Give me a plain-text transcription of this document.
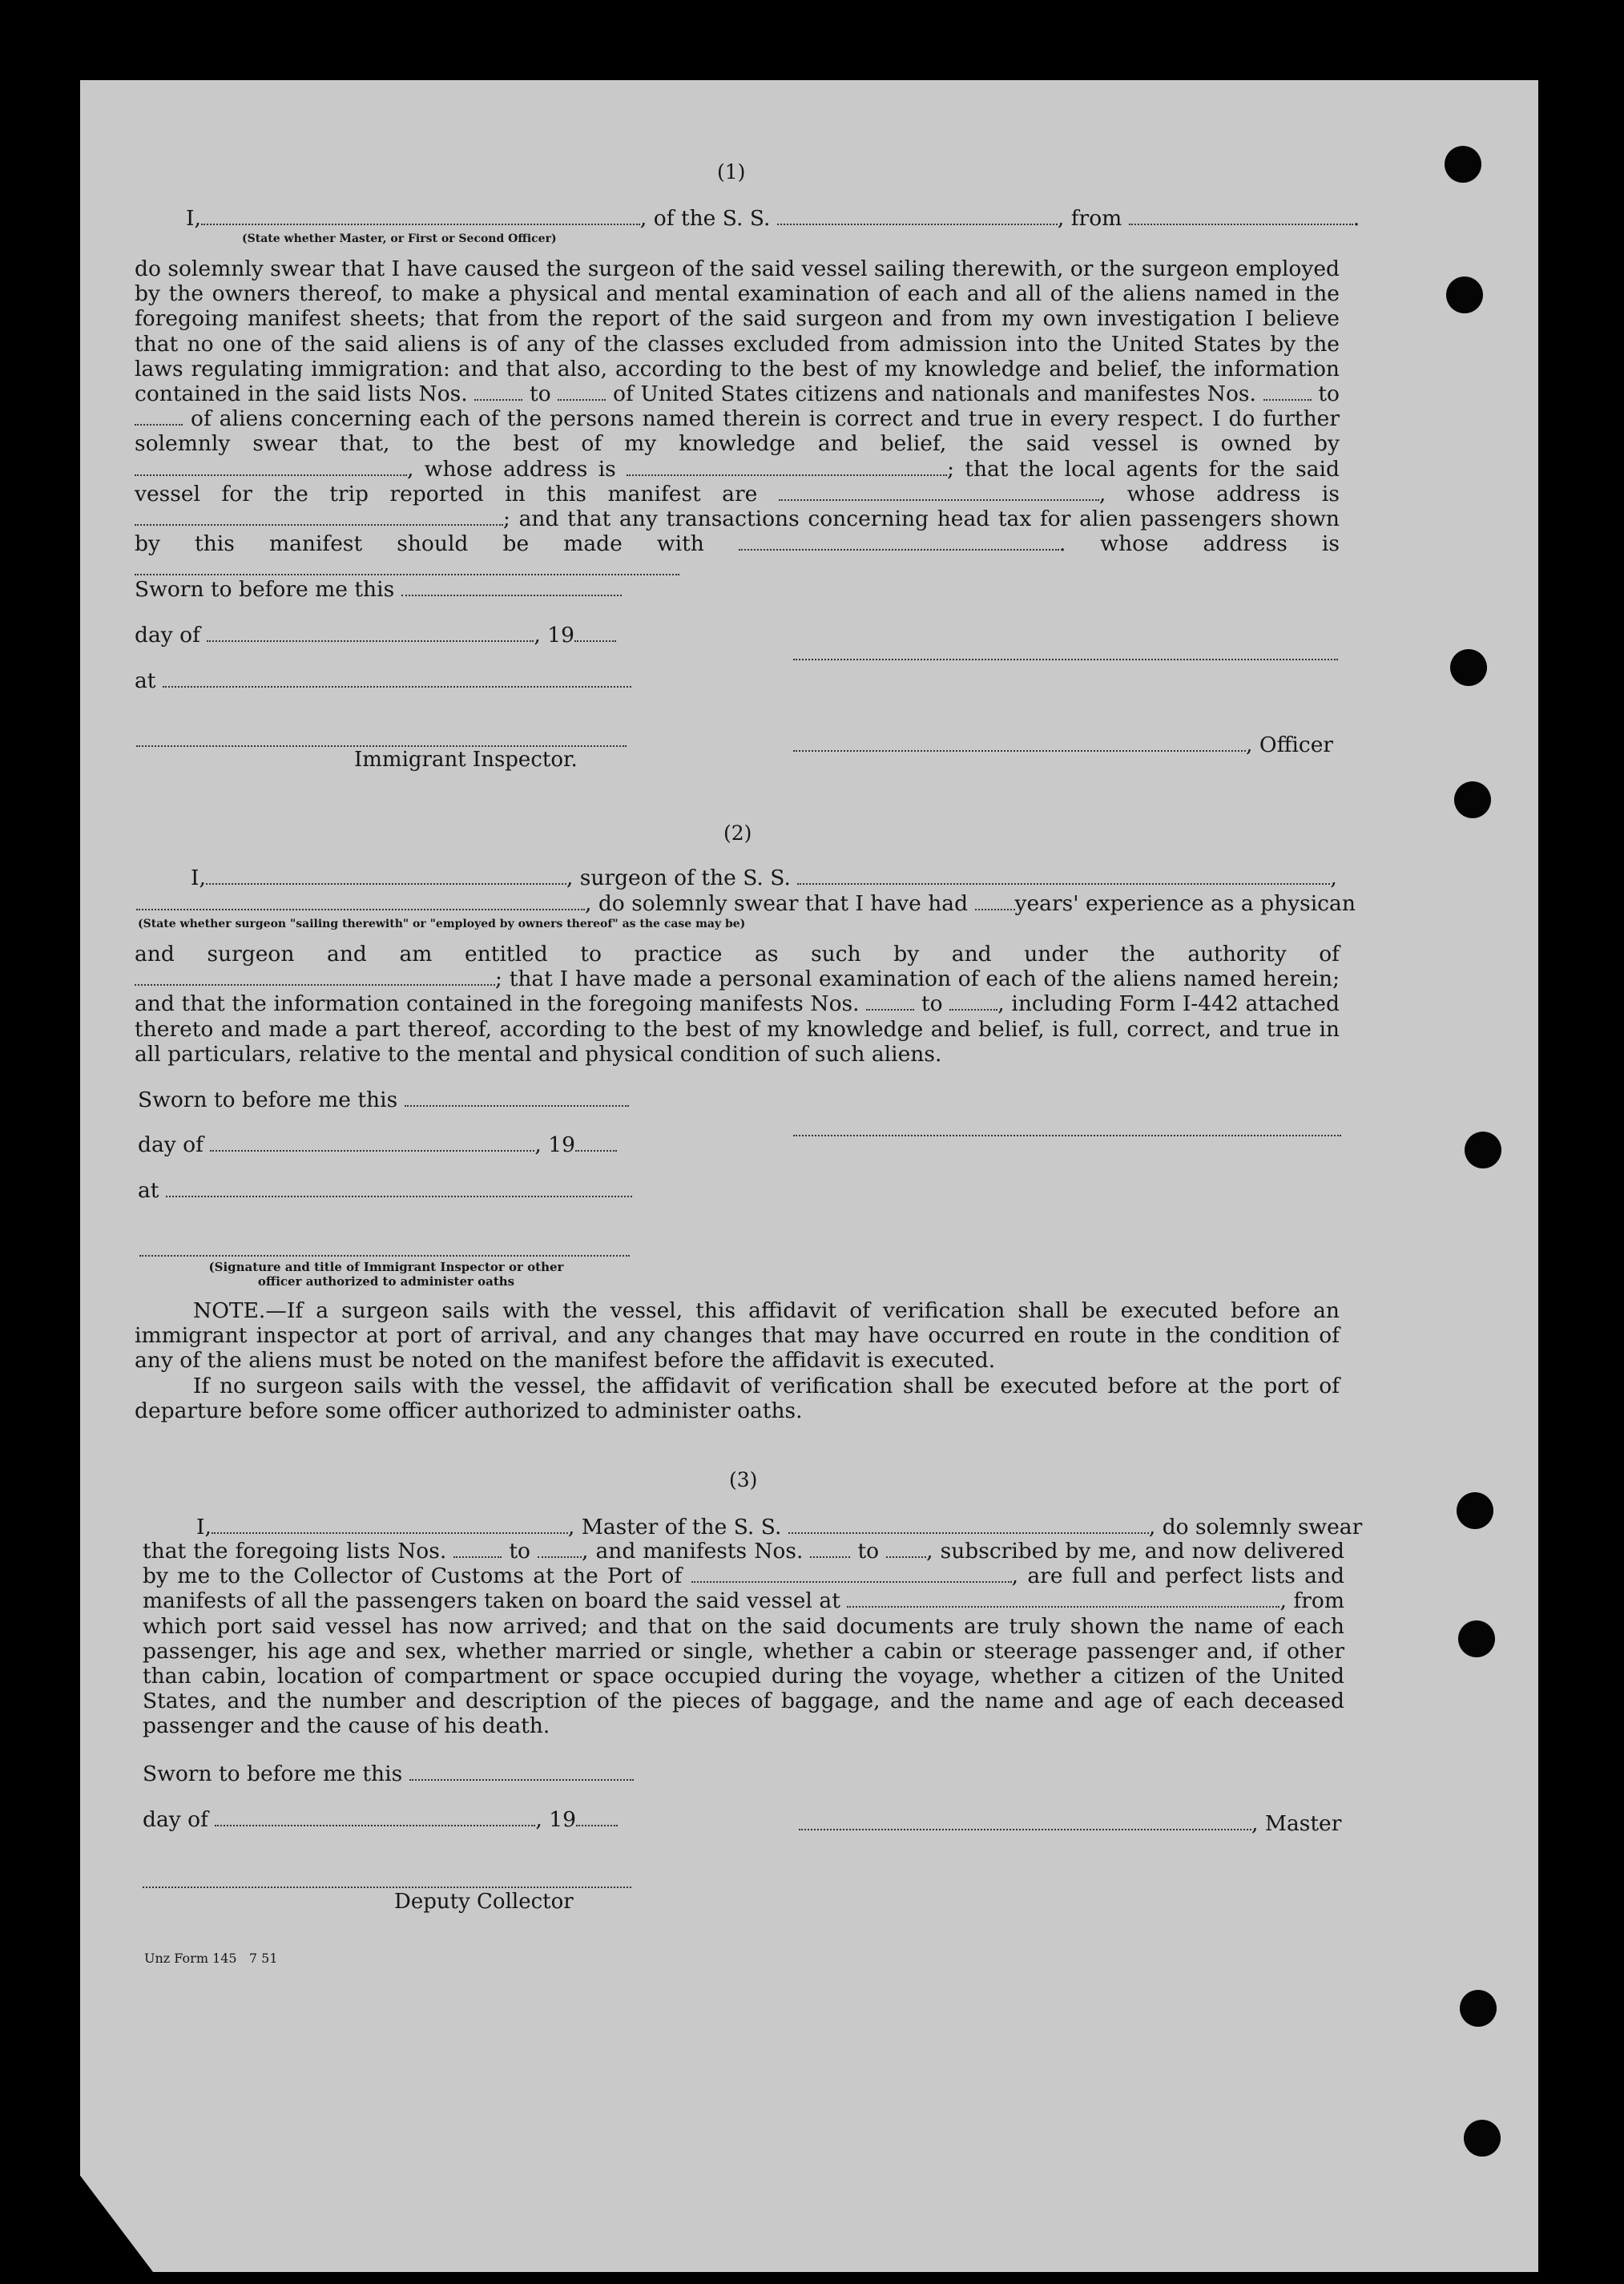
(1)
I,	, of the S. S.	, from	.
(State whether Master, or First or Second Officer)

do solemnly swear that I have caused the surgeon of the said vessel sailing therewith, or the surgeon employed by the owners thereof, to make a physical and mental examination of each and all of the aliens named in the foregoing manifest sheets; that from the report of the said surgeon and from my own investigation I believe that no one of the said aliens is of any of the classes excluded from admission into the United States by the laws regulating immigration: and that also, according to the best of my knowledge and belief, the information contained in the said lists Nos.	to	of United States citizens and nationals and manifestes Nos.	to  of aliens concerning each of the persons named therein is correct and true in every respect. I do further solemnly swear that, to the best of my knowledge and belief, the said vessel is owned by , whose address is	; that the local agents for the said vessel for the trip reported in this manifest are	, whose address is ; and that any transactions concerning head tax for alien passengers shown by this manifest should be made with	. whose address is

Sworn to before me this
day of	, 19
at
, Officer
Immigrant Inspector.
(2)
I,	, surgeon of the S. S.	,
, do solemnly swear that I have had years' experience as a physican
(State whether surgeon "sailing therewith" or "employed by owners thereof" as the case may be)

and surgeon and am entitled to practice as such by and under the authority of ; that I have made a personal examination of each of the aliens named herein; and that the information contained in the foregoing manifests Nos.	to	, including Form I-442 attached thereto and made a part thereof, according to the best of my knowledge and belief, is full, correct, and true in all particulars, relative to the mental and physical condition of such aliens.

Sworn to before me this
day of	, 19
at
(Signature and title of Immigrant Inspector or other
officer authorized to administer oaths

NOTE.—If a surgeon sails with the vessel, this affidavit of verification shall be executed before an immigrant inspector at port of arrival, and any changes that may have occurred en route in the condition of any of the aliens must be noted on the manifest before the affidavit is executed.

If no surgeon sails with the vessel, the affidavit of verification shall be executed before at the port of departure before some officer authorized to administer oaths.

(3)
I,	, Master of the S. S.	, do solemnly swear

that the foregoing lists Nos.	to , and manifests Nos.	to , subscribed by me, and now delivered by me to the Collector of Customs at the Port of	, are full and perfect lists and manifests of all the passengers taken on board the said vessel at	, from which port said vessel has now arrived; and that on the said documents are truly shown the name of each passenger, his age and sex, whether married or single, whether a cabin or steerage passenger and, if other than cabin, location of compartment or space occupied during the voyage, whether a citizen of the United States, and the number and description of the pieces of baggage, and the name and age of each deceased passenger and the cause of his death.

Sworn to before me this
day of	, 19	, Master
Deputy Collector
Unz Form 145   7 51
